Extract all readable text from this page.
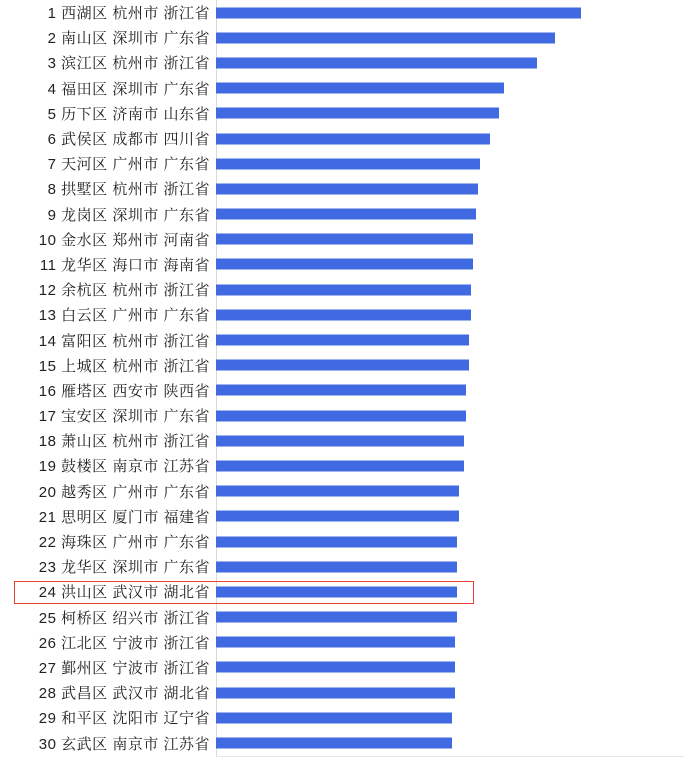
1 西湖区 杭州市 浙江省
2 南山区 深圳市 广东省
3 滨江区 杭州市 浙江省
4 福田区 深圳市 广东省
5 历下区 济南市 山东省
6 武侯区 成都市 四川省
7 天河区 广州市 广东省
8 拱墅区 杭州市 浙江省
9 龙岗区 深圳市 广东省
10 金水区 郑州市 河南省
11 龙华区 海口市 海南省
12 余杭区 杭州市 浙江省
13 白云区 广州市 广东省
14 富阳区 杭州市 浙江省
15 上城区 杭州市 浙江省
16 雁塔区 西安市 陕西省
17 宝安区 深圳市 广东省
18 萧山区 杭州市 浙江省
19 鼓楼区 南京市 江苏省
20 越秀区 广州市 广东省
21 思明区 厦门市 福建省
22 海珠区 广州市 广东省
23 龙华区 深圳市 广东省
24 洪山区 武汉市 湖北省
25 柯桥区 绍兴市 浙江省
26 江北区 宁波市 浙江省
27 鄞州区 宁波市 浙江省
28 武昌区 武汉市 湖北省
29 和平区 沈阳市 辽宁省
30 玄武区 南京市 江苏省
